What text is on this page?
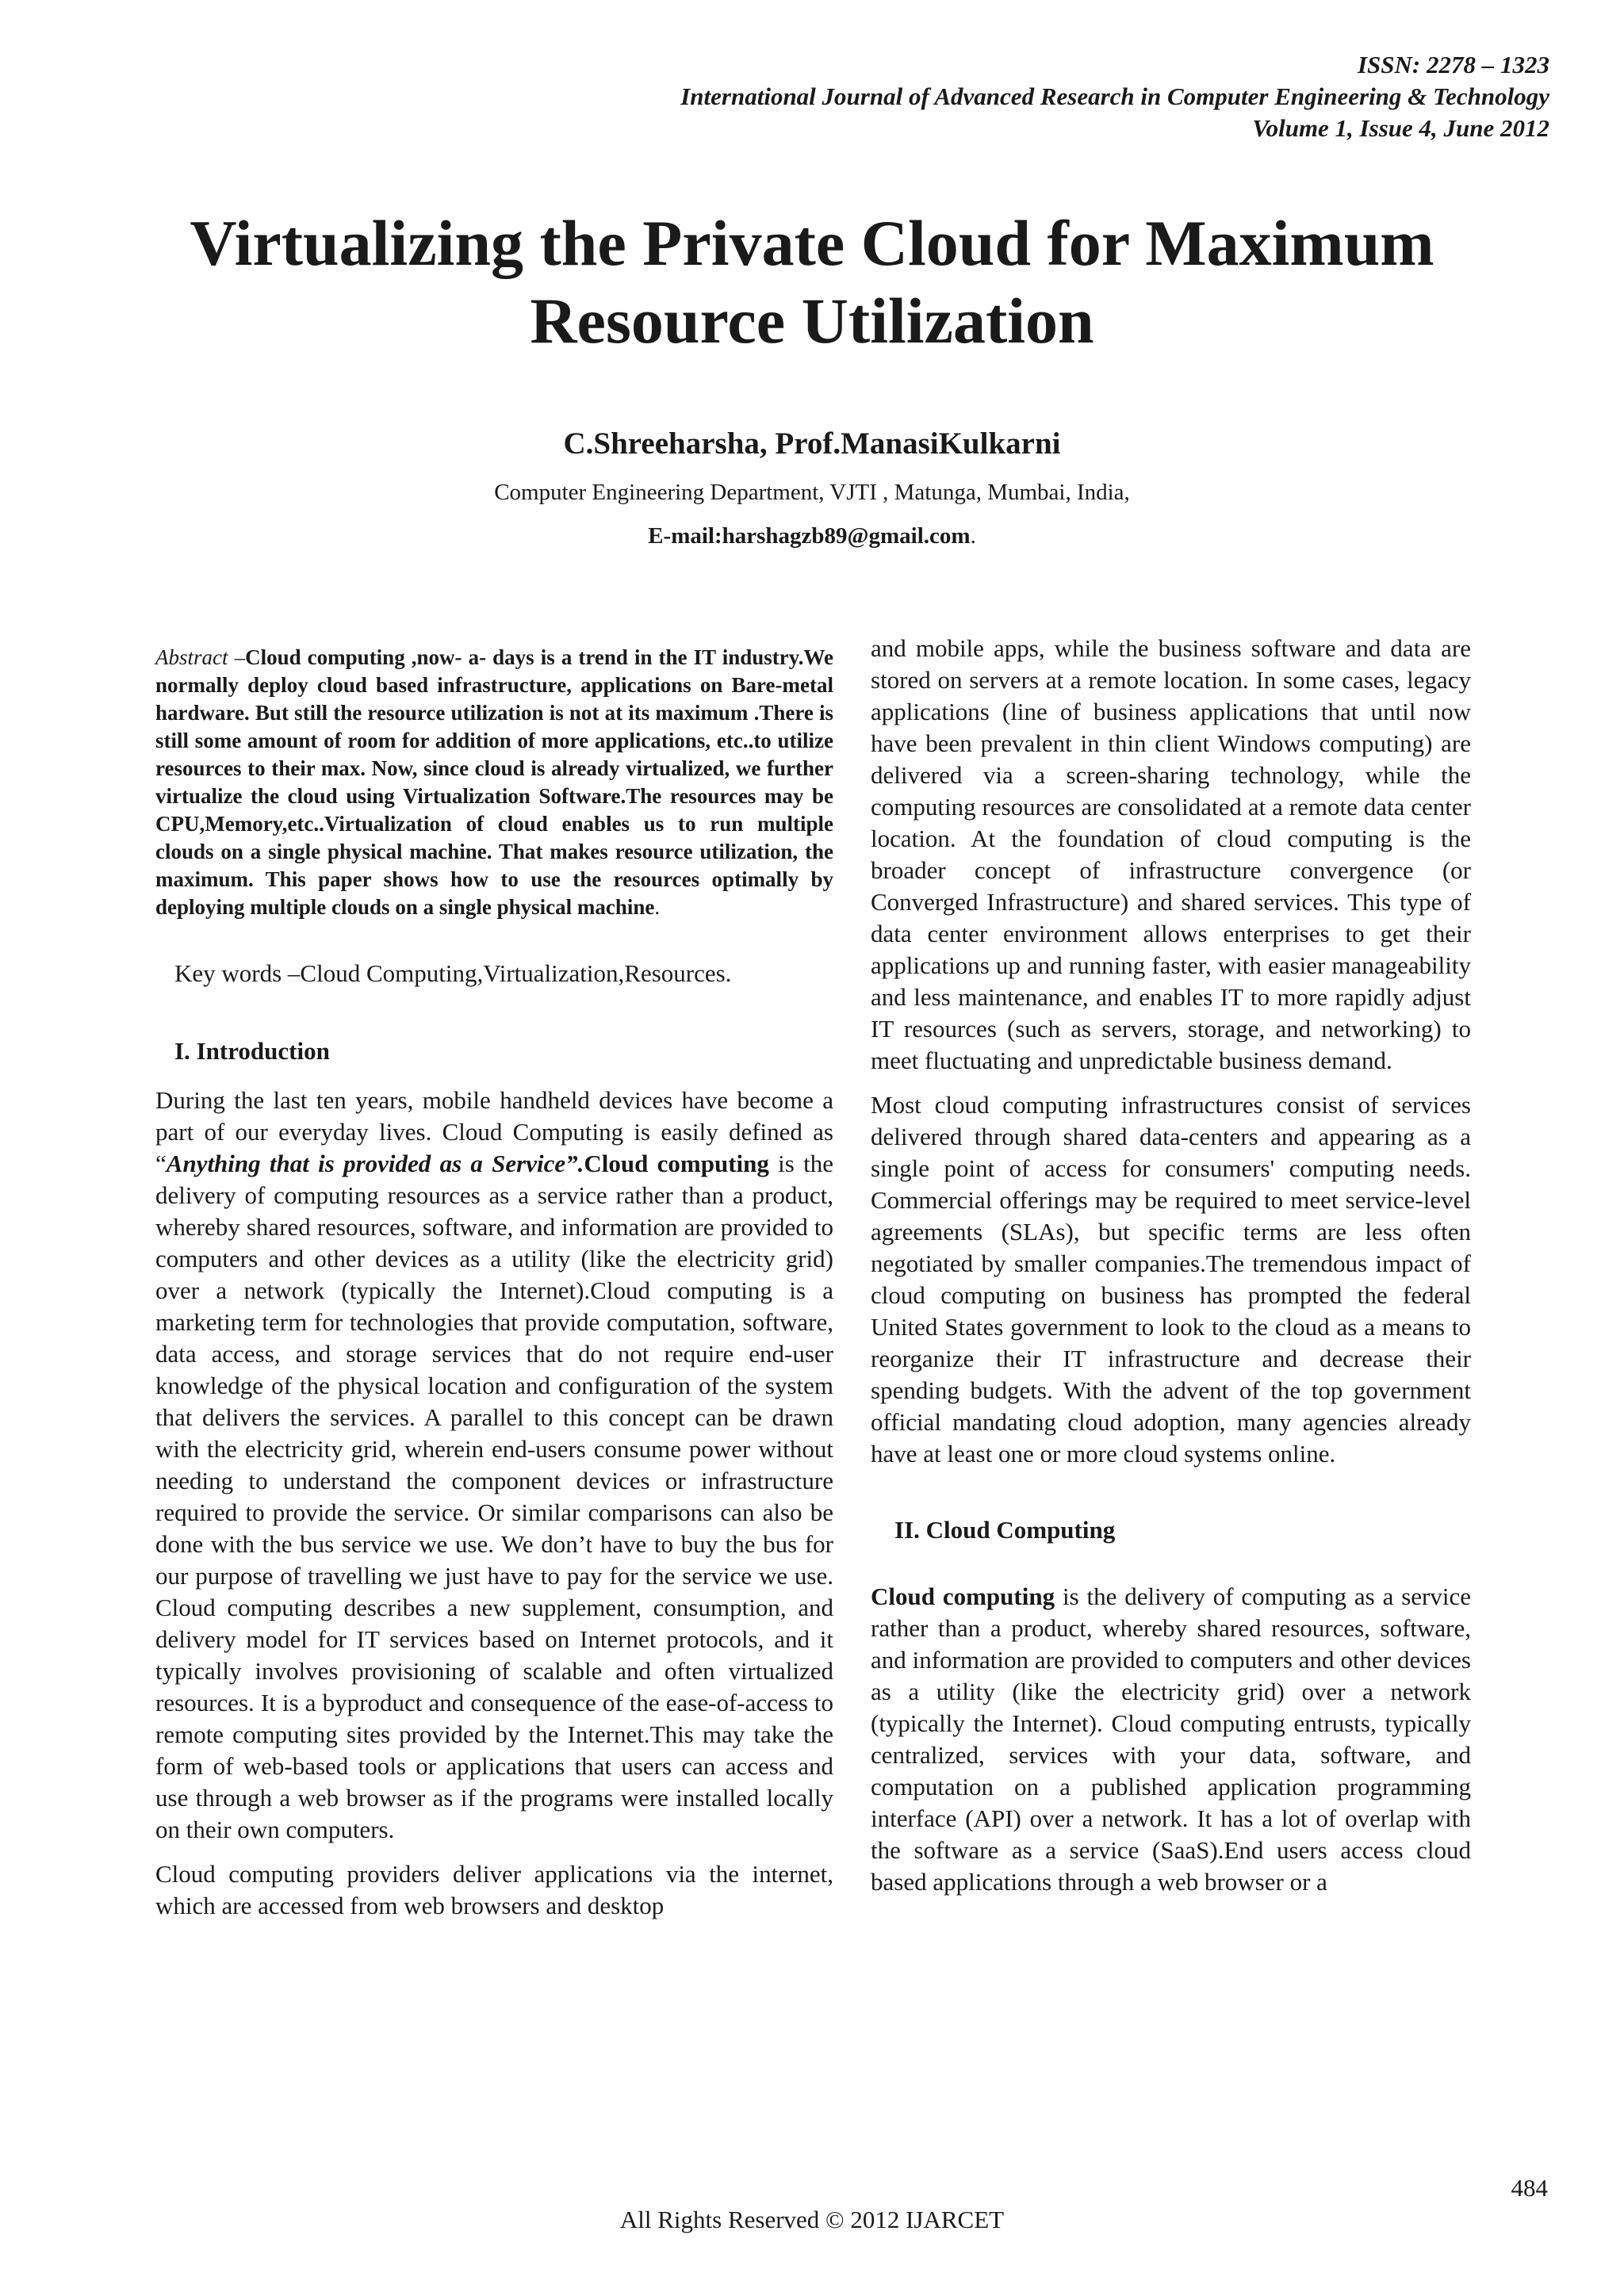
ISSN: 2278 – 1323
International Journal of Advanced Research in Computer Engineering & Technology
Volume 1, Issue 4, June 2012
Virtualizing the Private Cloud for Maximum
Resource Utilization
C.Shreeharsha, Prof.ManasiKulkarni
Computer Engineering Department, VJTI , Matunga, Mumbai, India,
E-mail:harshagzb89@gmail.com.

Abstract –Cloud computing ,now- a- days is a trend in the IT industry.We normally deploy cloud based infrastructure, applications on Bare-metal hardware. But still the resource utilization is not at its maximum .There is still some amount of room for addition of more applications, etc..to utilize resources to their max. Now, since cloud is already virtualized, we further virtualize the cloud using Virtualization Software.The resources may be CPU,Memory,etc..Virtualization of cloud enables us to run multiple clouds on a single physical machine. That makes resource utilization, the maximum. This paper shows how to use the resources optimally by deploying multiple clouds on a single physical machine.

Key words –Cloud Computing,Virtualization,Resources.
I. Introduction

During the last ten years, mobile handheld devices have become a part of our everyday lives. Cloud Computing is easily defined as “Anything that is provided as a Service”.Cloud computing is the delivery of computing resources as a service rather than a product, whereby shared resources, software, and information are provided to computers and other devices as a utility (like the electricity grid) over a network (typically the Internet).Cloud computing is a marketing term for technologies that provide computation, software, data access, and storage services that do not require end-user knowledge of the physical location and configuration of the system that delivers the services. A parallel to this concept can be drawn with the electricity grid, wherein end-users consume power without needing to understand the component devices or infrastructure required to provide the service. Or similar comparisons can also be done with the bus service we use. We don’t have to buy the bus for our purpose of travelling we just have to pay for the service we use. Cloud computing describes a new supplement, consumption, and delivery model for IT services based on Internet protocols, and it typically involves provisioning of scalable and often virtualized resources. It is a byproduct and consequence of the ease-of-access to remote computing sites provided by the Internet.This may take the form of web-based tools or applications that users can access and use through a web browser as if the programs were installed locally on their own computers.

Cloud computing providers deliver applications via the internet, which are accessed from web browsers and desktop

and mobile apps, while the business software and data are stored on servers at a remote location. In some cases, legacy applications (line of business applications that until now have been prevalent in thin client Windows computing) are delivered via a screen-sharing technology, while the computing resources are consolidated at a remote data center location. At the foundation of cloud computing is the broader concept of infrastructure convergence (or Converged Infrastructure) and shared services. This type of data center environment allows enterprises to get their applications up and running faster, with easier manageability and less maintenance, and enables IT to more rapidly adjust IT resources (such as servers, storage, and networking) to meet fluctuating and unpredictable business demand.

Most cloud computing infrastructures consist of services delivered through shared data-centers and appearing as a single point of access for consumers' computing needs. Commercial offerings may be required to meet service-level agreements (SLAs), but specific terms are less often negotiated by smaller companies.The tremendous impact of cloud computing on business has prompted the federal United States government to look to the cloud as a means to reorganize their IT infrastructure and decrease their spending budgets. With the advent of the top government official mandating cloud adoption, many agencies already have at least one or more cloud systems online.

II. Cloud Computing

Cloud computing is the delivery of computing as a service rather than a product, whereby shared resources, software, and information are provided to computers and other devices as a utility (like the electricity grid) over a network (typically the Internet). Cloud computing entrusts, typically centralized, services with your data, software, and computation on a published application programming interface (API) over a network. It has a lot of overlap with the software as a service (SaaS).End users access cloud based applications through a web browser or a

484
All Rights Reserved © 2012 IJARCET
